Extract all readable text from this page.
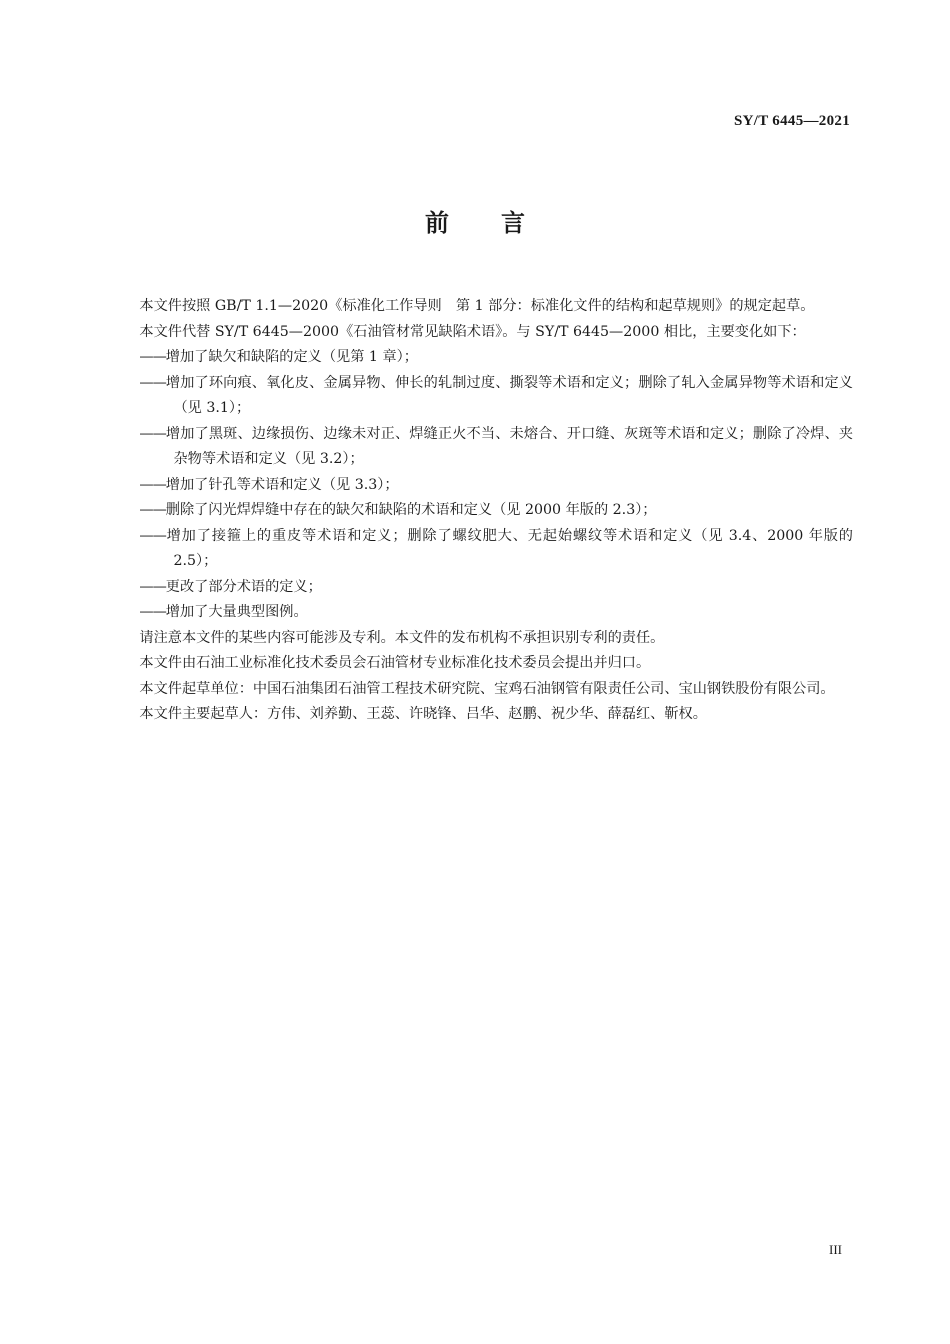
SY/T 6445—2021
前言

本文件按照 GB/T 1.1—2020《标准化工作导则　第 1 部分：标准化文件的结构和起草规则》的规定起草。

本文件代替 SY/T 6445—2000《石油管材常见缺陷术语》。与 SY/T 6445—2000 相比，主要变化如下：

——增加了缺欠和缺陷的定义（见第 1 章）；

——增加了环向痕、氧化皮、金属异物、伸长的轧制过度、撕裂等术语和定义；删除了轧入金属异物等术语和定义（见 3.1）；

——增加了黑斑、边缘损伤、边缘未对正、焊缝正火不当、未熔合、开口缝、灰斑等术语和定义；删除了冷焊、夹杂物等术语和定义（见 3.2）；

——增加了针孔等术语和定义（见 3.3）；

——删除了闪光焊焊缝中存在的缺欠和缺陷的术语和定义（见 2000 年版的 2.3）；

——增加了接箍上的重皮等术语和定义；删除了螺纹肥大、无起始螺纹等术语和定义（见 3.4、2000 年版的 2.5）；

——更改了部分术语的定义；

——增加了大量典型图例。

请注意本文件的某些内容可能涉及专利。本文件的发布机构不承担识别专利的责任。

本文件由石油工业标准化技术委员会石油管材专业标准化技术委员会提出并归口。

本文件起草单位：中国石油集团石油管工程技术研究院、宝鸡石油钢管有限责任公司、宝山钢铁股份有限公司。

本文件主要起草人：方伟、刘养勤、王蕊、许晓锋、吕华、赵鹏、祝少华、薛磊红、靳权。

III
